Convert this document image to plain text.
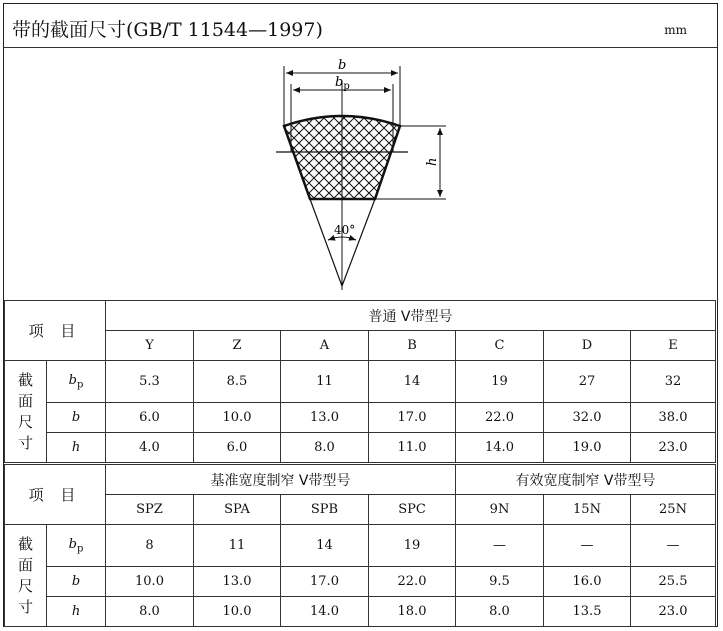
带的截面尺寸(GB/T 11544—1997)	mm
b
$b_p$
h
40°
项 目		普通 V带型号						
		Y	Z	A	B	C	D	E
截
面
尺
寸	$b_p$	5.3	8.5	11	14	19	27	32
	b	6.0	10.0	13.0	17.0	22.0	32.0	38.0
	h	4.0	6.0	8.0	11.0	14.0	19.0	23.0
项 目		基准宽度制窄 V带型号				有效宽度制窄 V带型号		
		SPZ	SPA	SPB	SPC	9N	15N	25N
截
面
尺
寸	$b_p$	8	11	14	19	—	—	—
	b	10.0	13.0	17.0	22.0	9.5	16.0	25.5
	h	8.0	10.0	14.0	18.0	8.0	13.5	23.0
